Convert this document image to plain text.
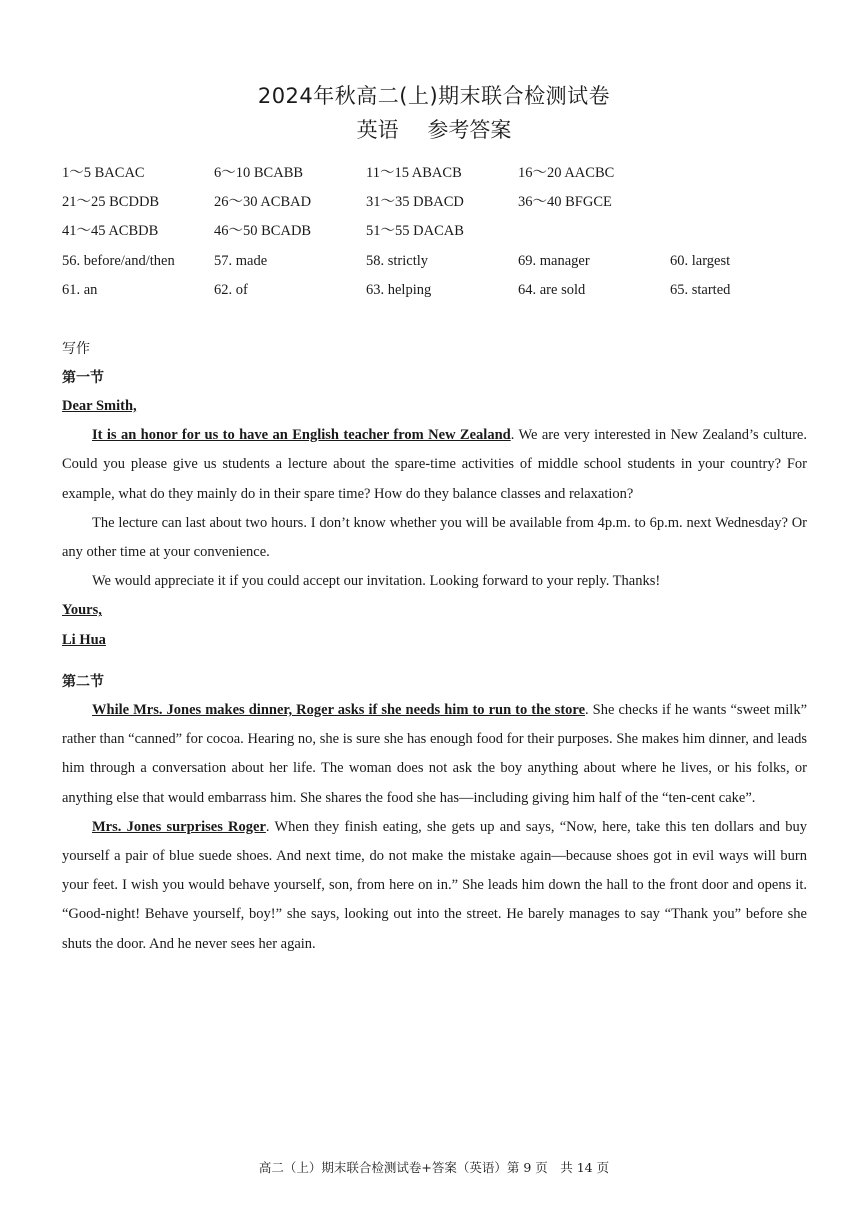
2024年秋高二(上)期末联合检测试卷
英语 参考答案
1～5 BACAC	6～10 BCABB	11～15 ABACB	16～20 AACBC
21～25 BCDDB	26～30 ACBAD	31～35 DBACD	36～40 BFGCE
41～45 ACBDB	46～50 BCADB	51～55 DACAB
56. before/and/then	57. made	58. strictly	69. manager	60. largest
61. an	62. of	63. helping	64. are sold	65. started
写作
第一节

Dear Smith,

It is an honor for us to have an English teacher from New Zealand. We are very interested in New Zealand’s culture. Could you please give us students a lecture about the spare-time activities of middle school students in your country? For example, what do they mainly do in their spare time? How do they balance classes and relaxation?

The lecture can last about two hours. I don’t know whether you will be available from 4p.m. to 6p.m. next Wednesday? Or any other time at your convenience.

We would appreciate it if you could accept our invitation. Looking forward to your reply. Thanks!

Yours,

Li Hua

第二节

While Mrs. Jones makes dinner, Roger asks if she needs him to run to the store. She checks if he wants “sweet milk” rather than “canned” for cocoa. Hearing no, she is sure she has enough food for their purposes. She makes him dinner, and leads him through a conversation about her life. The woman does not ask the boy anything about where he lives, or his folks, or anything else that would embarrass him. She shares the food she has—including giving him half of the “ten-cent cake”.

Mrs. Jones surprises Roger. When they finish eating, she gets up and says, “Now, here, take this ten dollars and buy yourself a pair of blue suede shoes. And next time, do not make the mistake again—because shoes got in evil ways will burn your feet. I wish you would behave yourself, son, from here on in.” She leads him down the hall to the front door and opens it. “Good-night! Behave yourself, boy!” she says, looking out into the street. He barely manages to say “Thank you” before she shuts the door. And he never sees her again.

高二（上）期末联合检测试卷+答案（英语）第 9 页　共 14 页
